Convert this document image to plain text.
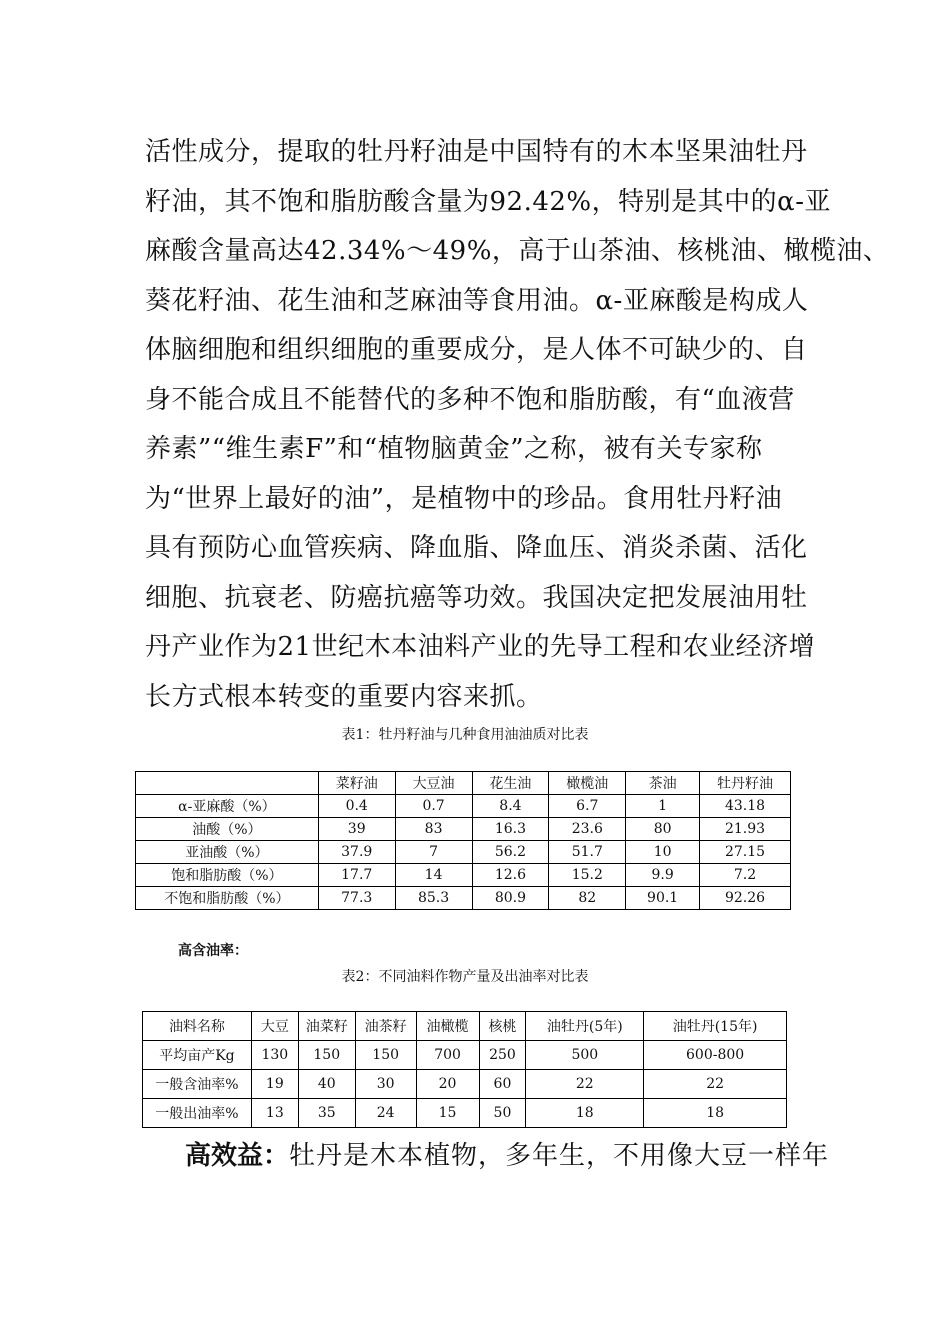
活性成分，提取的牡丹籽油是中国特有的木本坚果油牡丹
籽油，其不饱和脂肪酸含量为92.42%，特别是其中的α-亚
麻酸含量高达42.34%～49%，高于山茶油、核桃油、橄榄油、
葵花籽油、花生油和芝麻油等食用油。α-亚麻酸是构成人
体脑细胞和组织细胞的重要成分，是人体不可缺少的、自
身不能合成且不能替代的多种不饱和脂肪酸，有“血液营
养素”“维生素F”和“植物脑黄金”之称，被有关专家称
为“世界上最好的油”，是植物中的珍品。食用牡丹籽油
具有预防心血管疾病、降血脂、降血压、消炎杀菌、活化
细胞、抗衰老、防癌抗癌等功效。我国决定把发展油用牡
丹产业作为21世纪木本油料产业的先导工程和农业经济增
长方式根本转变的重要内容来抓。
表1：牡丹籽油与几种食用油油质对比表
	菜籽油	大豆油	花生油	橄榄油	茶油	牡丹籽油
α-亚麻酸（%）	0.4	0.7	8.4	6.7	1	43.18
油酸（%）	39	83	16.3	23.6	80	21.93
亚油酸（%）	37.9	7	56.2	51.7	10	27.15
饱和脂肪酸（%）	17.7	14	12.6	15.2	9.9	7.2
不饱和脂肪酸（%）	77.3	85.3	80.9	82	90.1	92.26
高含油率：
表2：不同油料作物产量及出油率对比表
油料名称	大豆	油菜籽	油茶籽	油橄榄	核桃	油牡丹(5年)	油牡丹(15年)
平均亩产Kg	130	150	150	700	250	500	600-800
一般含油率%	19	40	30	20	60	22	22
一般出油率%	13	35	24	15	50	18	18
高效益：牡丹是木本植物，多年生，不用像大豆一样年
